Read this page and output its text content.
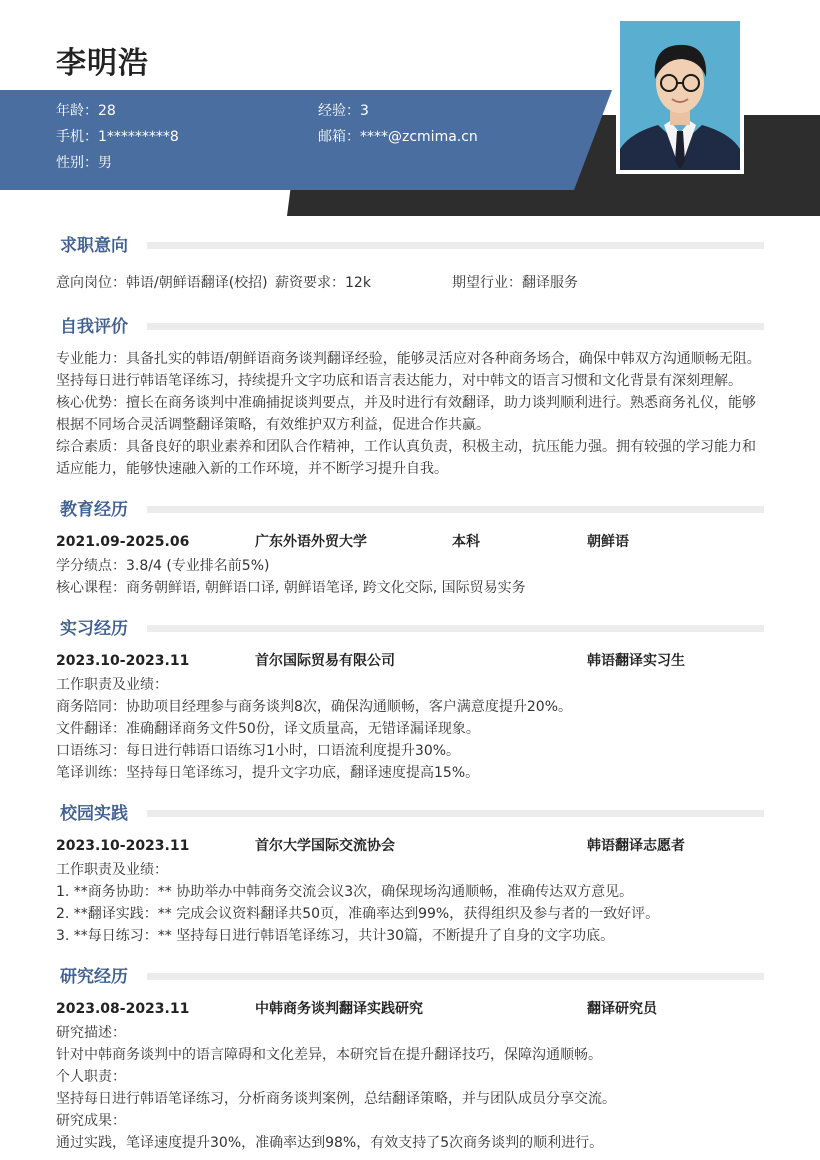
李明浩
年龄：28	经验：3
手机：1*********8	邮箱：****@zcmima.cn
性别：男
求职意向
意向岗位：韩语/朝鲜语翻译(校招) 薪资要求：12k	期望行业：翻译服务
自我评价

专业能力：具备扎实的韩语/朝鲜语商务谈判翻译经验，能够灵活应对各种商务场合，确保中韩双方沟通顺畅无阻。

坚持每日进行韩语笔译练习，持续提升文字功底和语言表达能力，对中韩文的语言习惯和文化背景有深刻理解。

核心优势：擅长在商务谈判中准确捕捉谈判要点，并及时进行有效翻译，助力谈判顺利进行。熟悉商务礼仪，能够

根据不同场合灵活调整翻译策略，有效维护双方利益，促进合作共赢。

综合素质：具备良好的职业素养和团队合作精神，工作认真负责，积极主动，抗压能力强。拥有较强的学习能力和

适应能力，能够快速融入新的工作环境，并不断学习提升自我。

教育经历
2021.09-2025.06	广东外语外贸大学	本科	朝鲜语
学分绩点：3.8/4 (专业排名前5%)
核心课程：商务朝鲜语, 朝鲜语口译, 朝鲜语笔译, 跨文化交际, 国际贸易实务
实习经历
2023.10-2023.11	首尔国际贸易有限公司	韩语翻译实习生

工作职责及业绩：

商务陪同：协助项目经理参与商务谈判8次，确保沟通顺畅，客户满意度提升20%。

文件翻译：准确翻译商务文件50份，译文质量高，无错译漏译现象。

口语练习：每日进行韩语口语练习1小时，口语流利度提升30%。

笔译训练：坚持每日笔译练习，提升文字功底，翻译速度提高15%。

校园实践
2023.10-2023.11	首尔大学国际交流协会	韩语翻译志愿者

工作职责及业绩：

1. **商务协助：** 协助举办中韩商务交流会议3次，确保现场沟通顺畅，准确传达双方意见。

2. **翻译实践：** 完成会议资料翻译共50页，准确率达到99%，获得组织及参与者的一致好评。

3. **每日练习：** 坚持每日进行韩语笔译练习，共计30篇，不断提升了自身的文字功底。

研究经历
2023.08-2023.11	中韩商务谈判翻译实践研究	翻译研究员

研究描述：

针对中韩商务谈判中的语言障碍和文化差异，本研究旨在提升翻译技巧，保障沟通顺畅。

个人职责：

坚持每日进行韩语笔译练习，分析商务谈判案例，总结翻译策略，并与团队成员分享交流。

研究成果：

通过实践，笔译速度提升30%，准确率达到98%，有效支持了5次商务谈判的顺利进行。
